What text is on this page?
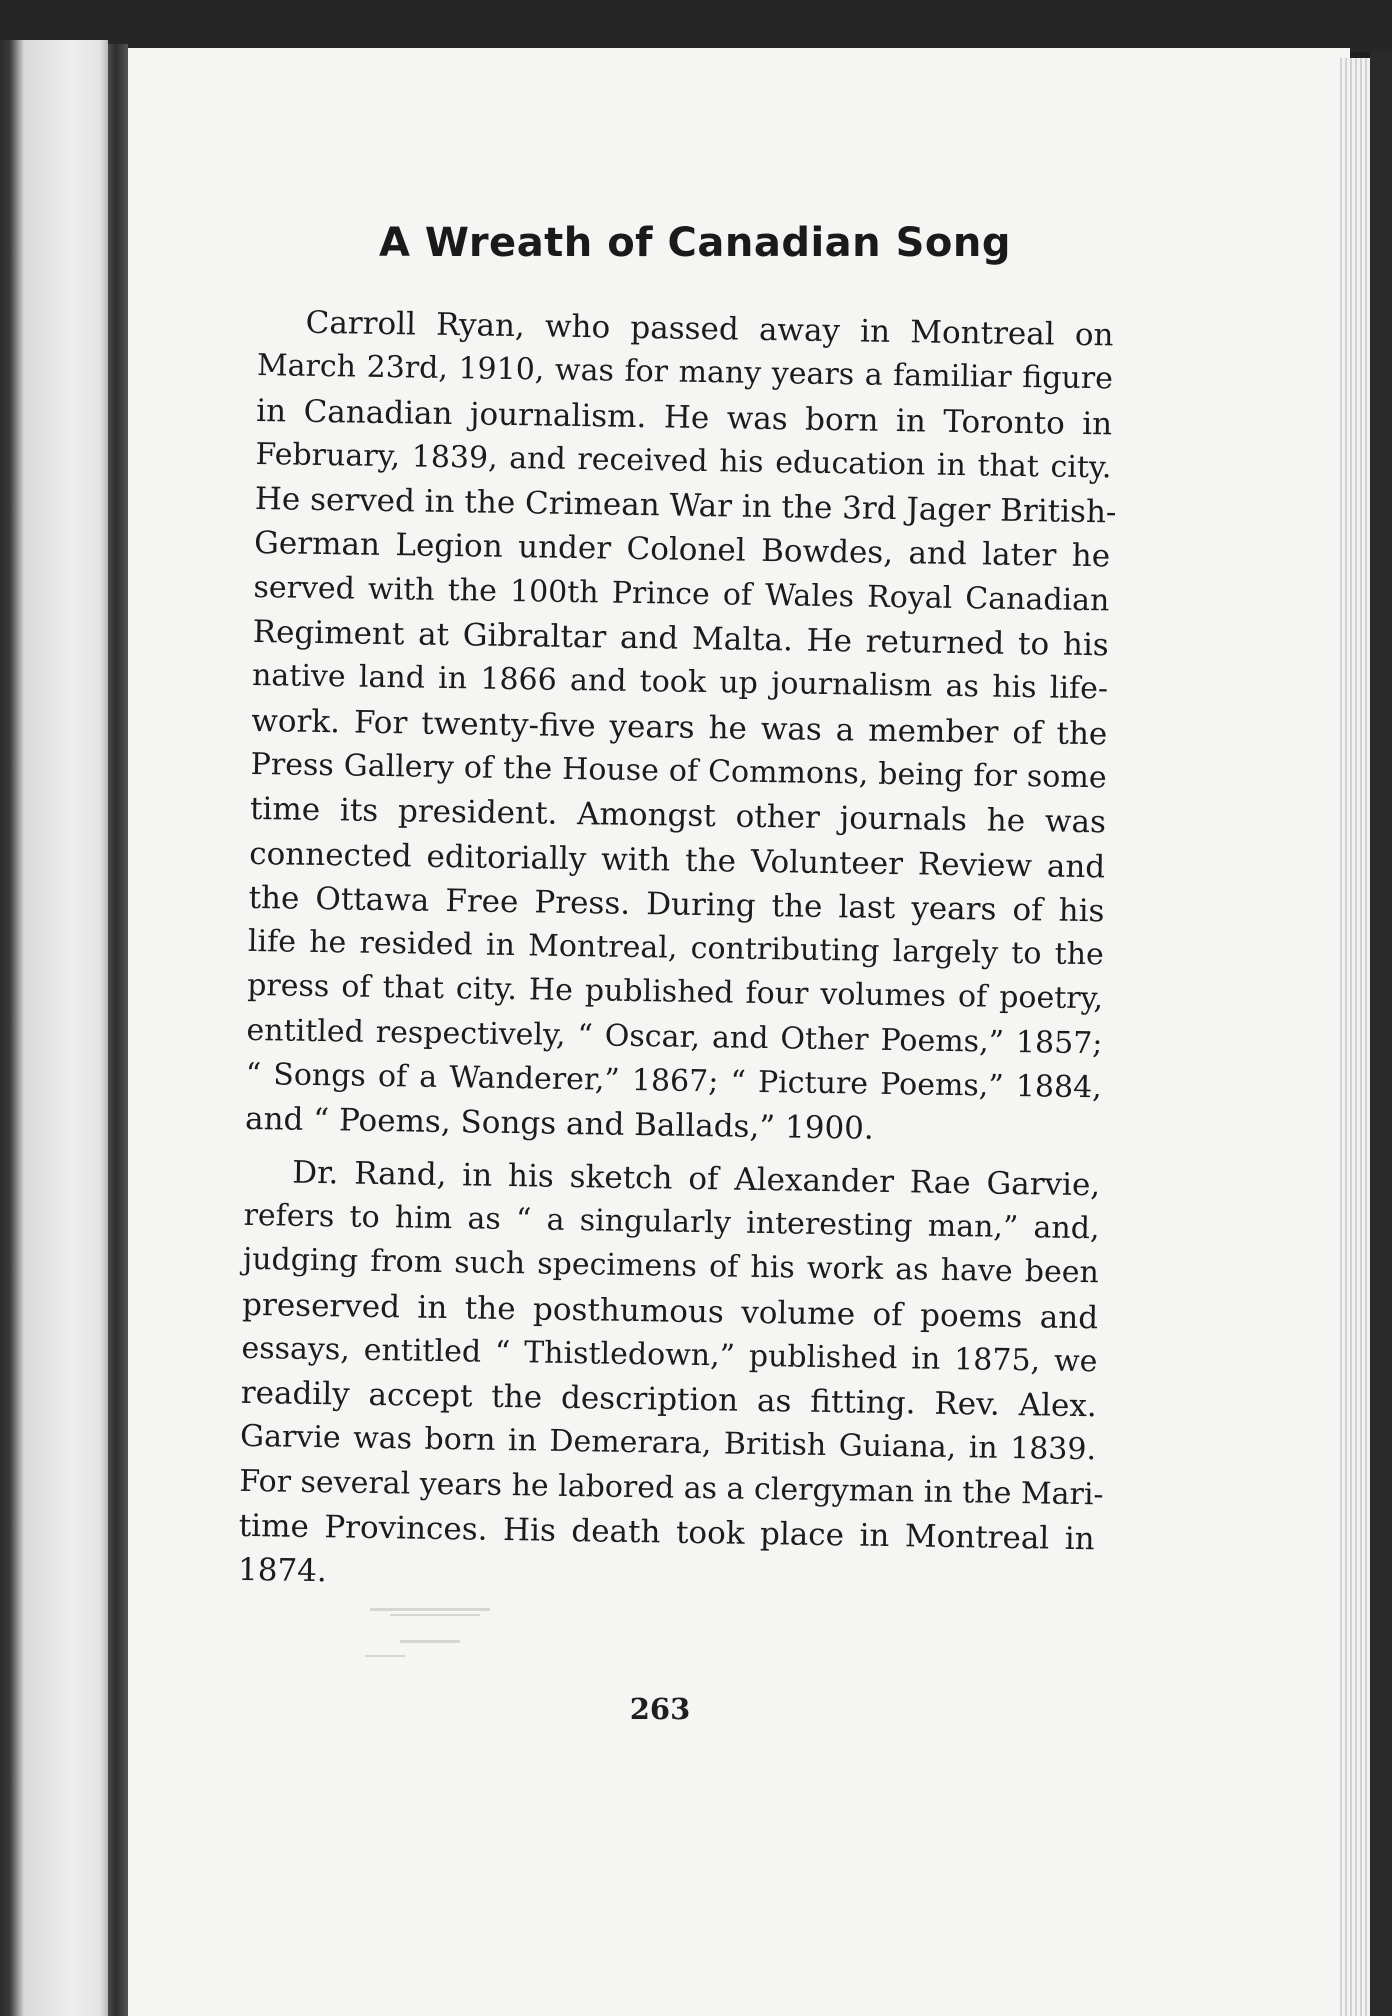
A Wreath of Canadian Song
Carroll Ryan, who passed away in Montreal on
March 23rd, 1910, was for many years a familiar figure
in Canadian journalism. He was born in Toronto in
February, 1839, and received his education in that city.
He served in the Crimean War in the 3rd Jager British-
German Legion under Colonel Bowdes, and later he
served with the 100th Prince of Wales Royal Canadian
Regiment at Gibraltar and Malta. He returned to his
native land in 1866 and took up journalism as his life-
work. For twenty-five years he was a member of the
Press Gallery of the House of Commons, being for some
time its president. Amongst other journals he was
connected editorially with the Volunteer Review and
the Ottawa Free Press. During the last years of his
life he resided in Montreal, contributing largely to the
press of that city. He published four volumes of poetry,
entitled respectively, “ Oscar, and Other Poems,” 1857;
“ Songs of a Wanderer,” 1867; “ Picture Poems,” 1884,
and “ Poems, Songs and Ballads,” 1900.
Dr. Rand, in his sketch of Alexander Rae Garvie,
refers to him as “ a singularly interesting man,” and,
judging from such specimens of his work as have been
preserved in the posthumous volume of poems and
essays, entitled “ Thistledown,” published in 1875, we
readily accept the description as fitting. Rev. Alex.
Garvie was born in Demerara, British Guiana, in 1839.
For several years he labored as a clergyman in the Mari-
time Provinces. His death took place in Montreal in
1874.

263
